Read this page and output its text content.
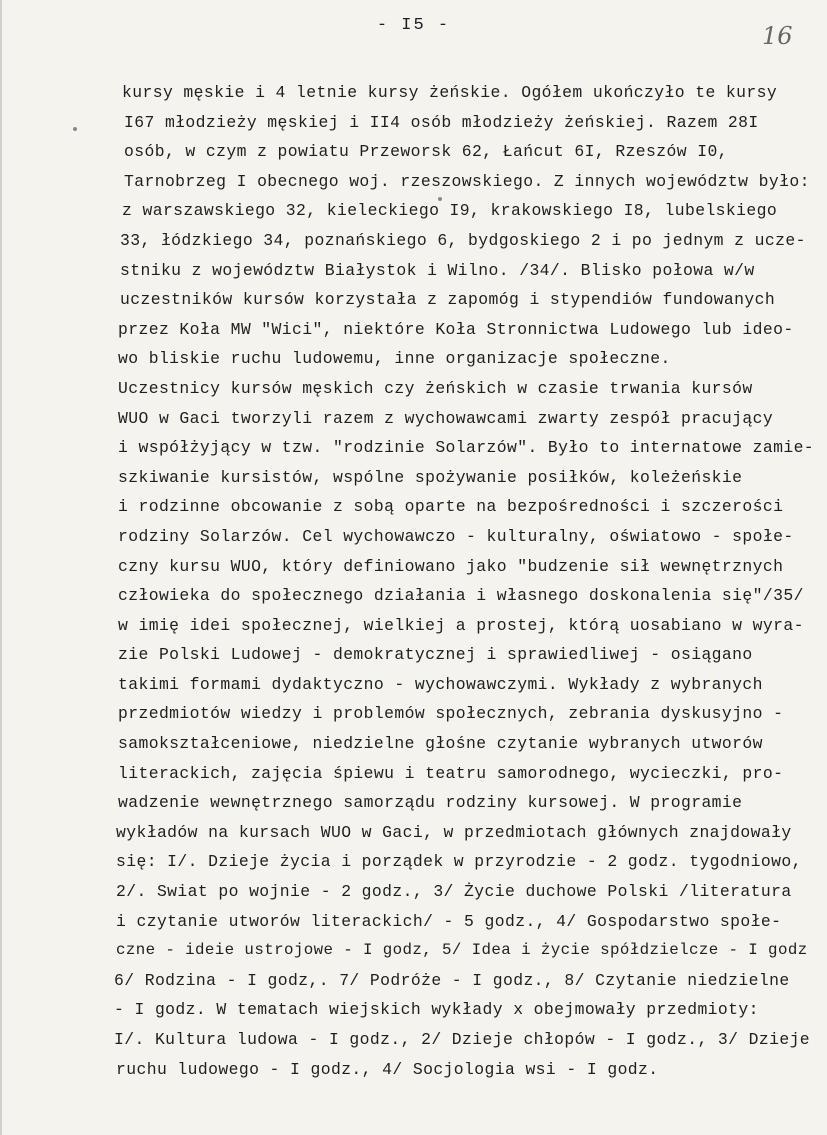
- I5 -	16
kursy męskie i 4 letnie kursy żeńskie. Ogółem ukończyło te kursy
I67 młodzieży męskiej i II4 osób młodzieży żeńskiej. Razem 28I
osób, w czym z powiatu Przeworsk 62, Łańcut 6I, Rzeszów I0,
Tarnobrzeg I obecnego woj. rzeszowskiego. Z innych województw było:
z warszawskiego 32, kieleckiego I9, krakowskiego I8, lubelskiego
33, łódzkiego 34, poznańskiego 6, bydgoskiego 2 i po jednym z ucze-
stniku z województw Białystok i Wilno. /34/. Blisko połowa w/w
uczestników kursów korzystała z zapomóg i stypendiów fundowanych
przez Koła MW "Wici", niektóre Koła Stronnictwa Ludowego lub ideo-
wo bliskie ruchu ludowemu, inne organizacje społeczne.
Uczestnicy kursów męskich czy żeńskich w czasie trwania kursów
WUO w Gaci tworzyli razem z wychowawcami zwarty zespół pracujący
i współżyjący w tzw. "rodzinie Solarzów". Było to internatowe zamie-
szkiwanie kursistów, wspólne spożywanie posiłków, koleżeńskie
i rodzinne obcowanie z sobą oparte na bezpośredności i szczerości
rodziny Solarzów. Cel wychowawczo - kulturalny, oświatowo - społe-
czny kursu WUO, który definiowano jako "budzenie sił wewnętrznych
człowieka do społecznego działania i własnego doskonalenia się"/35/
w imię idei społecznej, wielkiej a prostej, którą uosabiano w wyra-
zie Polski Ludowej - demokratycznej i sprawiedliwej - osiągano
takimi formami dydaktyczno - wychowawczymi. Wykłady z wybranych
przedmiotów wiedzy i problemów społecznych, zebrania dyskusyjno -
samokształceniowe, niedzielne głośne czytanie wybranych utworów
literackich, zajęcia śpiewu i teatru samorodnego, wycieczki, pro-
wadzenie wewnętrznego samorządu rodziny kursowej. W programie
wykładów na kursach WUO w Gaci, w przedmiotach głównych znajdowały
się: I/. Dzieje życia i porządek w przyrodzie - 2 godz. tygodniowo,
2/. Swiat po wojnie - 2 godz., 3/ Życie duchowe Polski /literatura
i czytanie utworów literackich/ - 5 godz., 4/ Gospodarstwo społe-
czne - ideie ustrojowe - I godz, 5/ Idea i życie spółdzielcze - I godz
6/ Rodzina - I godz,. 7/ Podróże - I godz., 8/ Czytanie niedzielne
- I godz. W tematach wiejskich wykłady x obejmowały przedmioty:
I/. Kultura ludowa - I godz., 2/ Dzieje chłopów - I godz., 3/ Dzieje
ruchu ludowego - I godz., 4/ Socjologia wsi - I godz.
